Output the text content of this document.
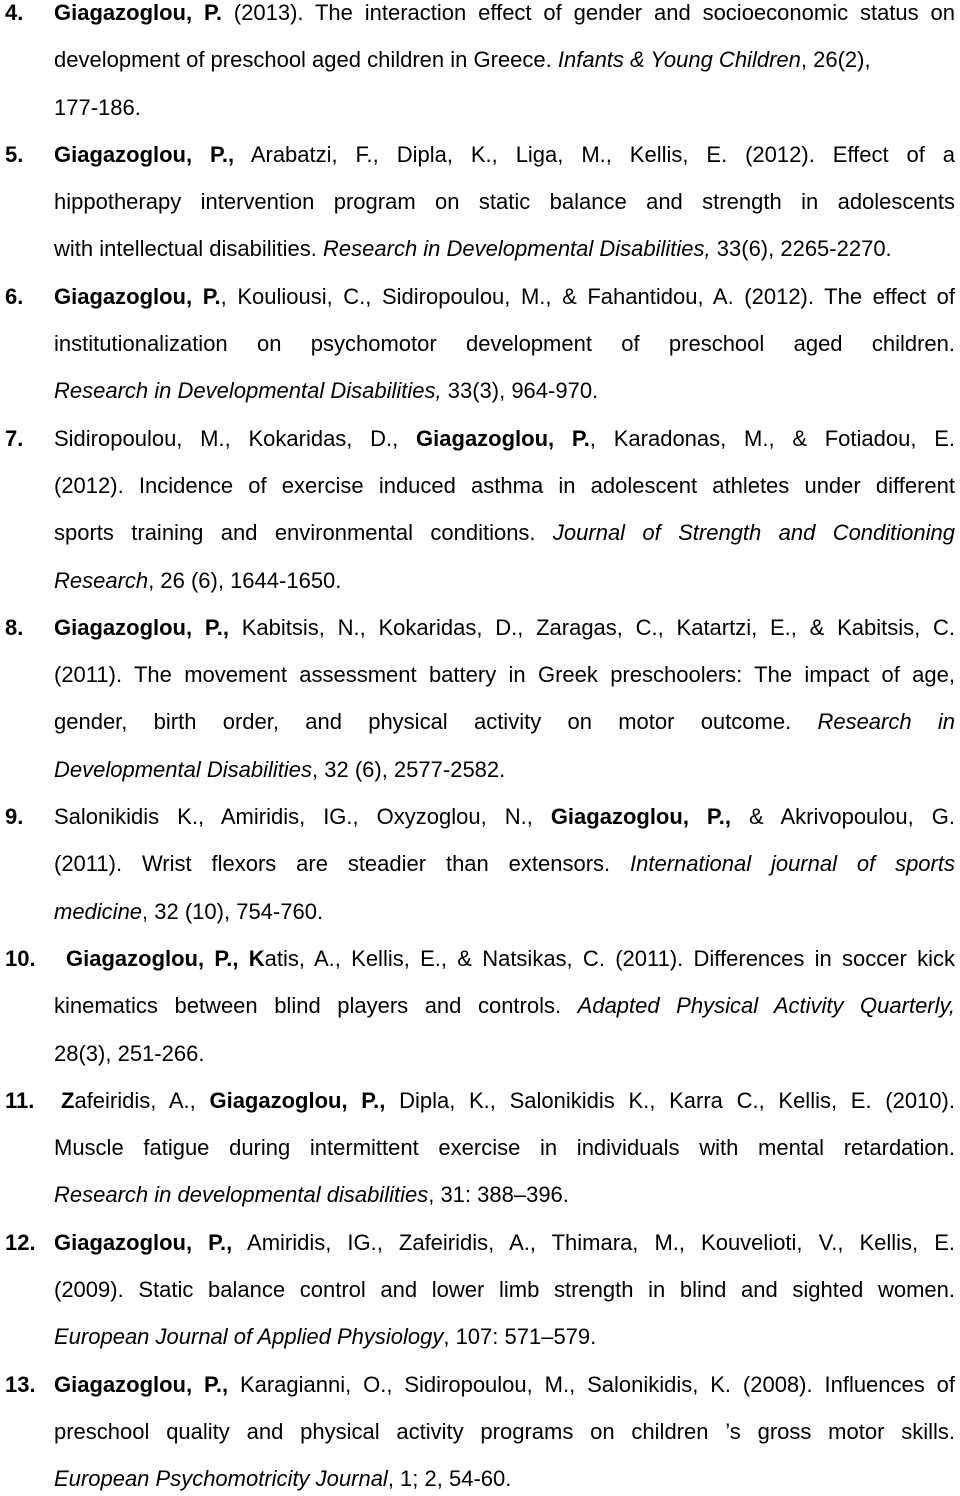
4. Giagazoglou, P. (2013). The interaction effect of gender and socioeconomic status on
development of preschool aged children in Greece. Infants & Young Children, 26(2),
177-186.
5. Giagazoglou, P., Arabatzi, F., Dipla, K., Liga, M., Kellis, E. (2012). Effect of a
hippotherapy intervention program on static balance and strength in adolescents
with intellectual disabilities. Research in Developmental Disabilities, 33(6), 2265-2270.
6. Giagazoglou, P., Kouliousi, C., Sidiropoulou, M., & Fahantidou, A. (2012). The effect of
institutionalization on psychomotor development of preschool aged children.
Research in Developmental Disabilities, 33(3), 964-970.
7. Sidiropoulou, M., Kokaridas, D., Giagazoglou, P., Karadonas, M., & Fotiadou, E.
(2012). Incidence of exercise induced asthma in adolescent athletes under different
sports training and environmental conditions. Journal of Strength and Conditioning
Research, 26 (6), 1644-1650.
8. Giagazoglou, P., Kabitsis, N., Kokaridas, D., Zaragas, C., Katartzi, E., & Kabitsis, C.
(2011). The movement assessment battery in Greek preschoolers: The impact of age,
gender, birth order, and physical activity on motor outcome. Research in
Developmental Disabilities, 32 (6), 2577-2582.
9. Salonikidis K., Amiridis, IG., Oxyzoglou, N., Giagazoglou, P., & Akrivopoulou, G.
(2011). Wrist flexors are steadier than extensors. International journal of sports
medicine, 32 (10), 754-760.
10.	Giagazoglou, P., Katis, A., Kellis, E., & Natsikas, C. (2011). Differences in soccer kick
kinematics between blind players and controls. Adapted Physical Activity Quarterly,
28(3), 251-266.
11.	Zafeiridis, A., Giagazoglou, P., Dipla, K., Salonikidis K., Karra C., Kellis, E. (2010).
Muscle fatigue during intermittent exercise in individuals with mental retardation.
Research in developmental disabilities, 31: 388–396.
12. Giagazoglou, P., Amiridis, IG., Zafeiridis, A., Thimara, M., Kouvelioti, V., Kellis, E.
(2009). Static balance control and lower limb strength in blind and sighted women.
European Journal of Applied Physiology, 107: 571–579.
13. Giagazoglou, P., Karagianni, O., Sidiropoulou, M., Salonikidis, K. (2008). Influences of
preschool quality and physical activity programs on children ’s gross motor skills.
European Psychomotricity Journal, 1; 2, 54-60.
